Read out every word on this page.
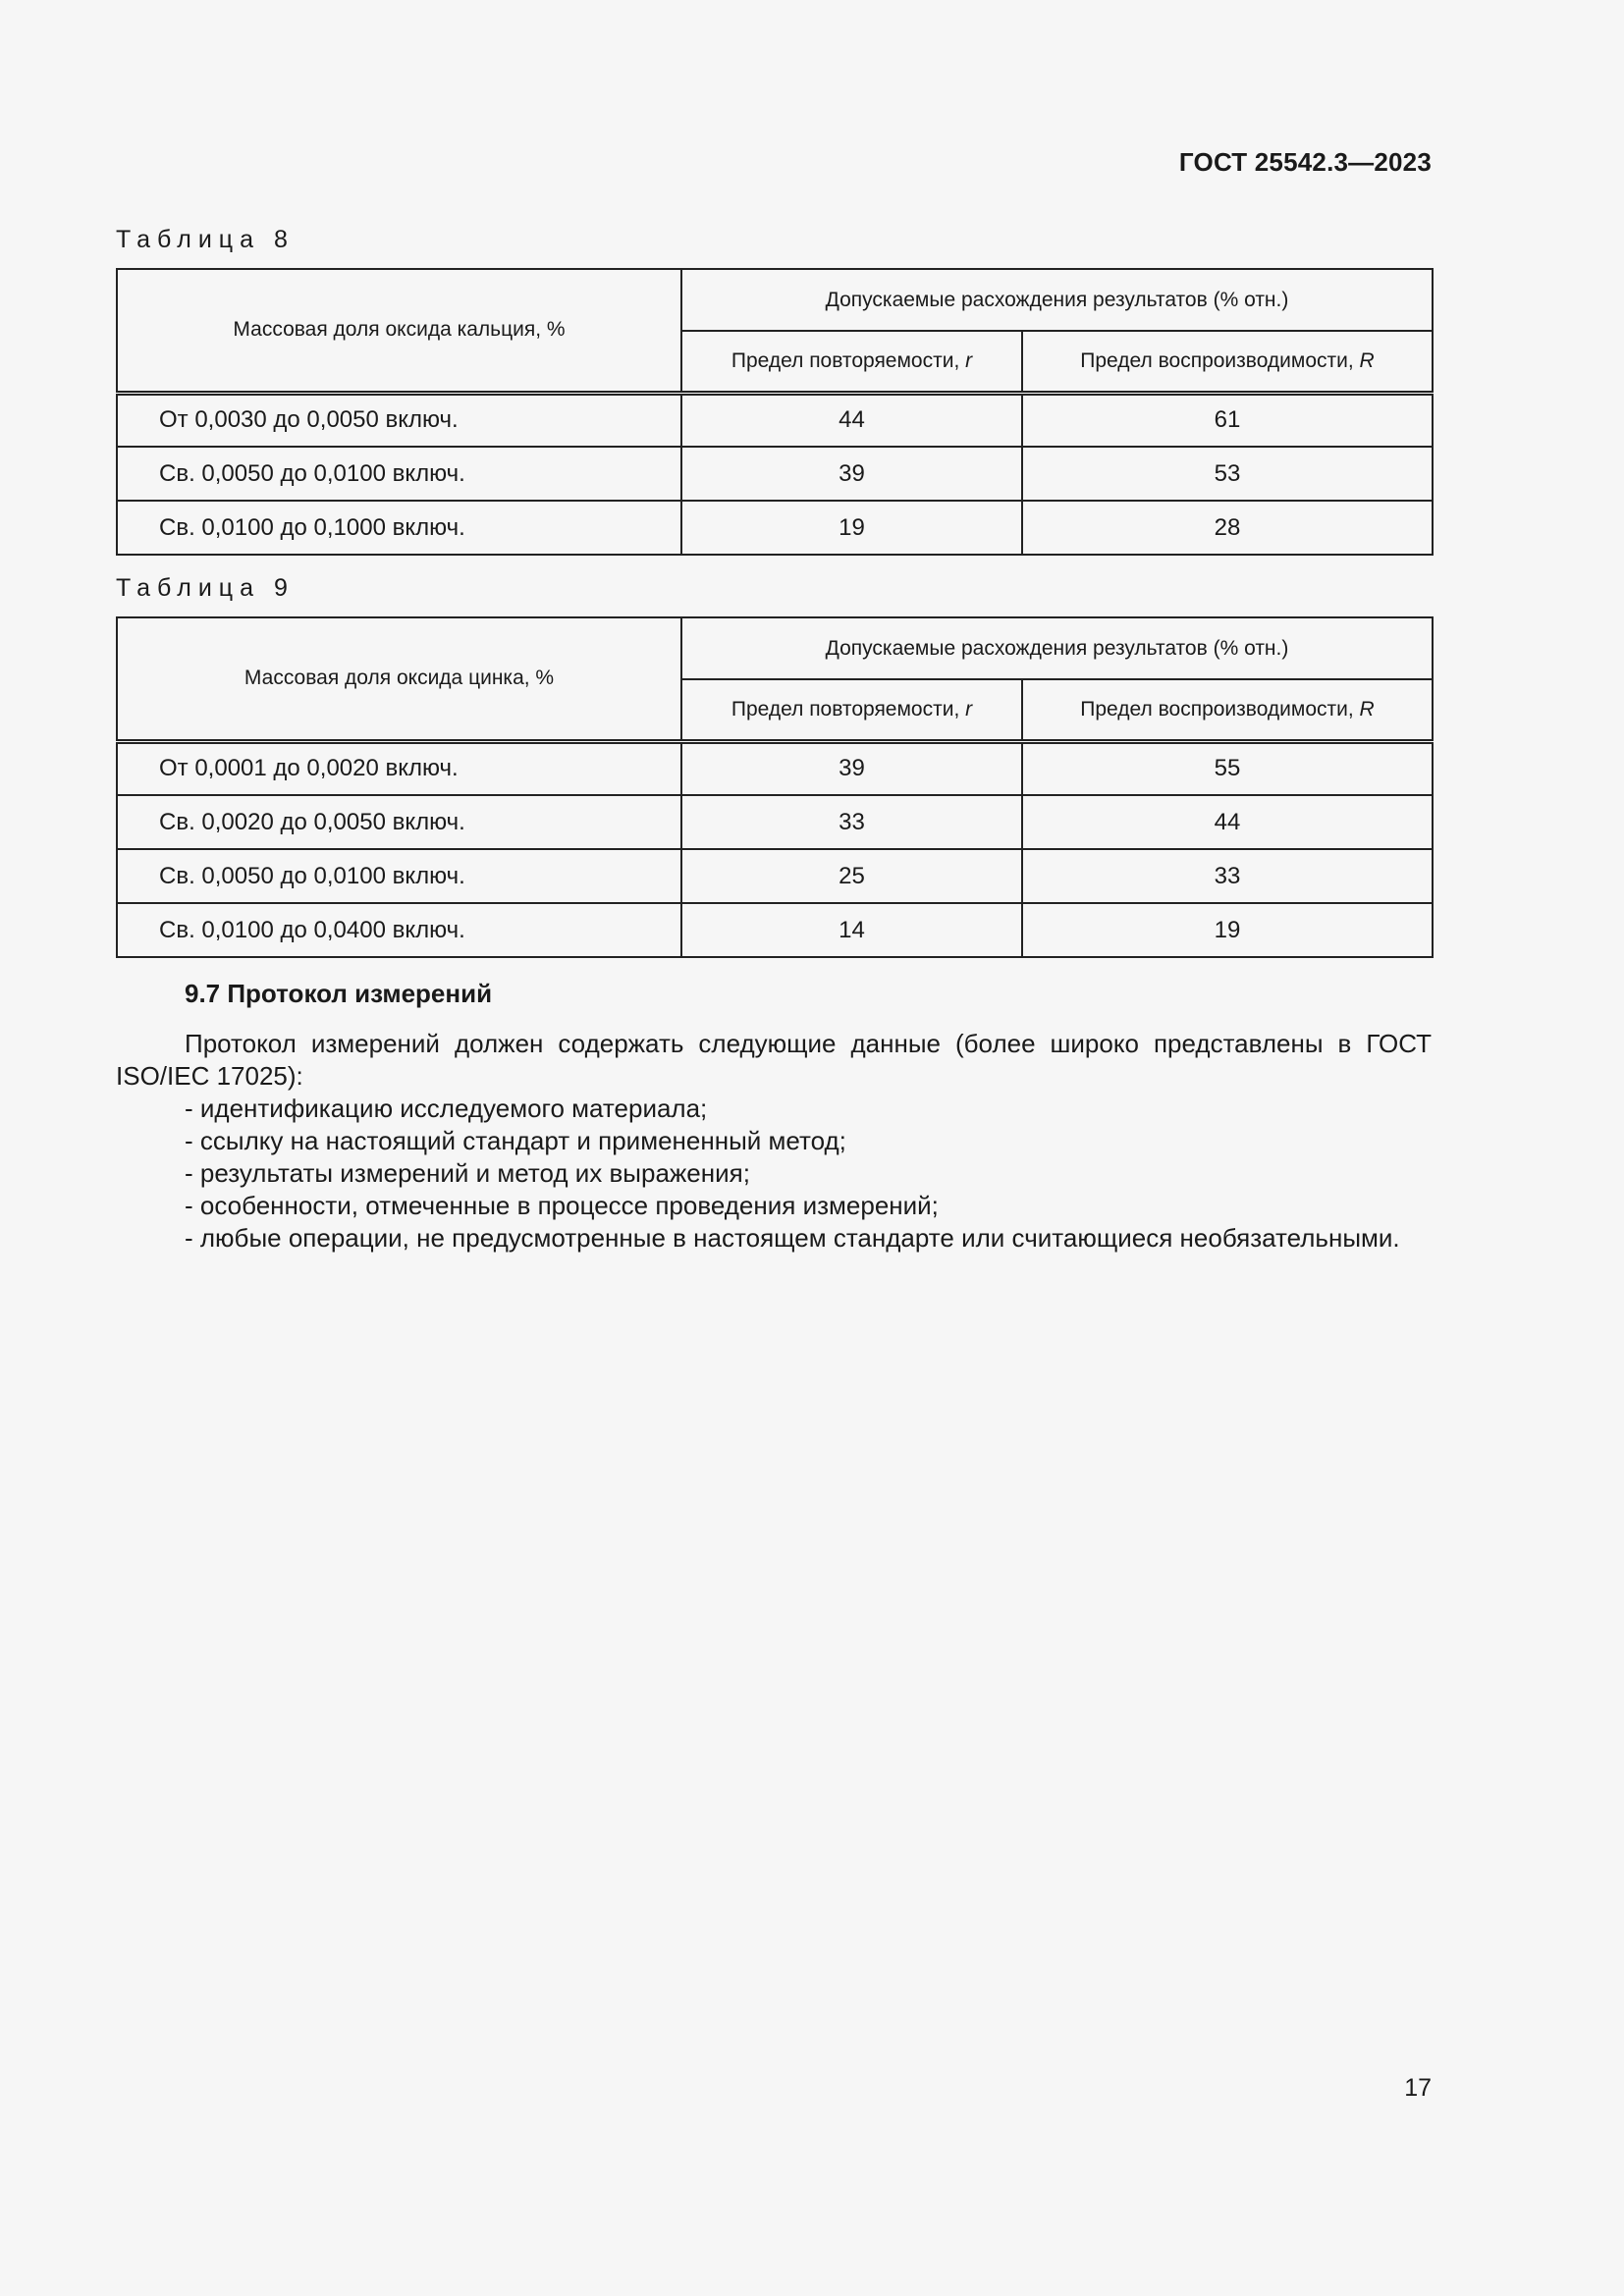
ГОСТ 25542.3—2023
Таблица 8
Массовая доля оксида кальция, %	Допускаемые расхождения результатов (% отн.)	
	Предел повторяемости, r	Предел воспроизводимости, R
От 0,0030 до 0,0050 включ.	44	61
Св. 0,0050 до 0,0100 включ.	39	53
Св. 0,0100 до 0,1000 включ.	19	28
Таблица 9
Массовая доля оксида цинка, %	Допускаемые расхождения результатов (% отн.)	
	Предел повторяемости, r	Предел воспроизводимости, R
От 0,0001 до 0,0020 включ.	39	55
Св. 0,0020 до 0,0050 включ.	33	44
Св. 0,0050 до 0,0100 включ.	25	33
Св. 0,0100 до 0,0400 включ.	14	19
9.7 Протокол измерений
Протокол измерений должен содержать следующие данные (более широко представлены в ГОСТ ISO/IEC 17025):
- идентификацию исследуемого материала;
- ссылку на настоящий стандарт и примененный метод;
- результаты измерений и метод их выражения;
- особенности, отмеченные в процессе проведения измерений;
- любые операции, не предусмотренные в настоящем стандарте или считающиеся необязательными.
17
